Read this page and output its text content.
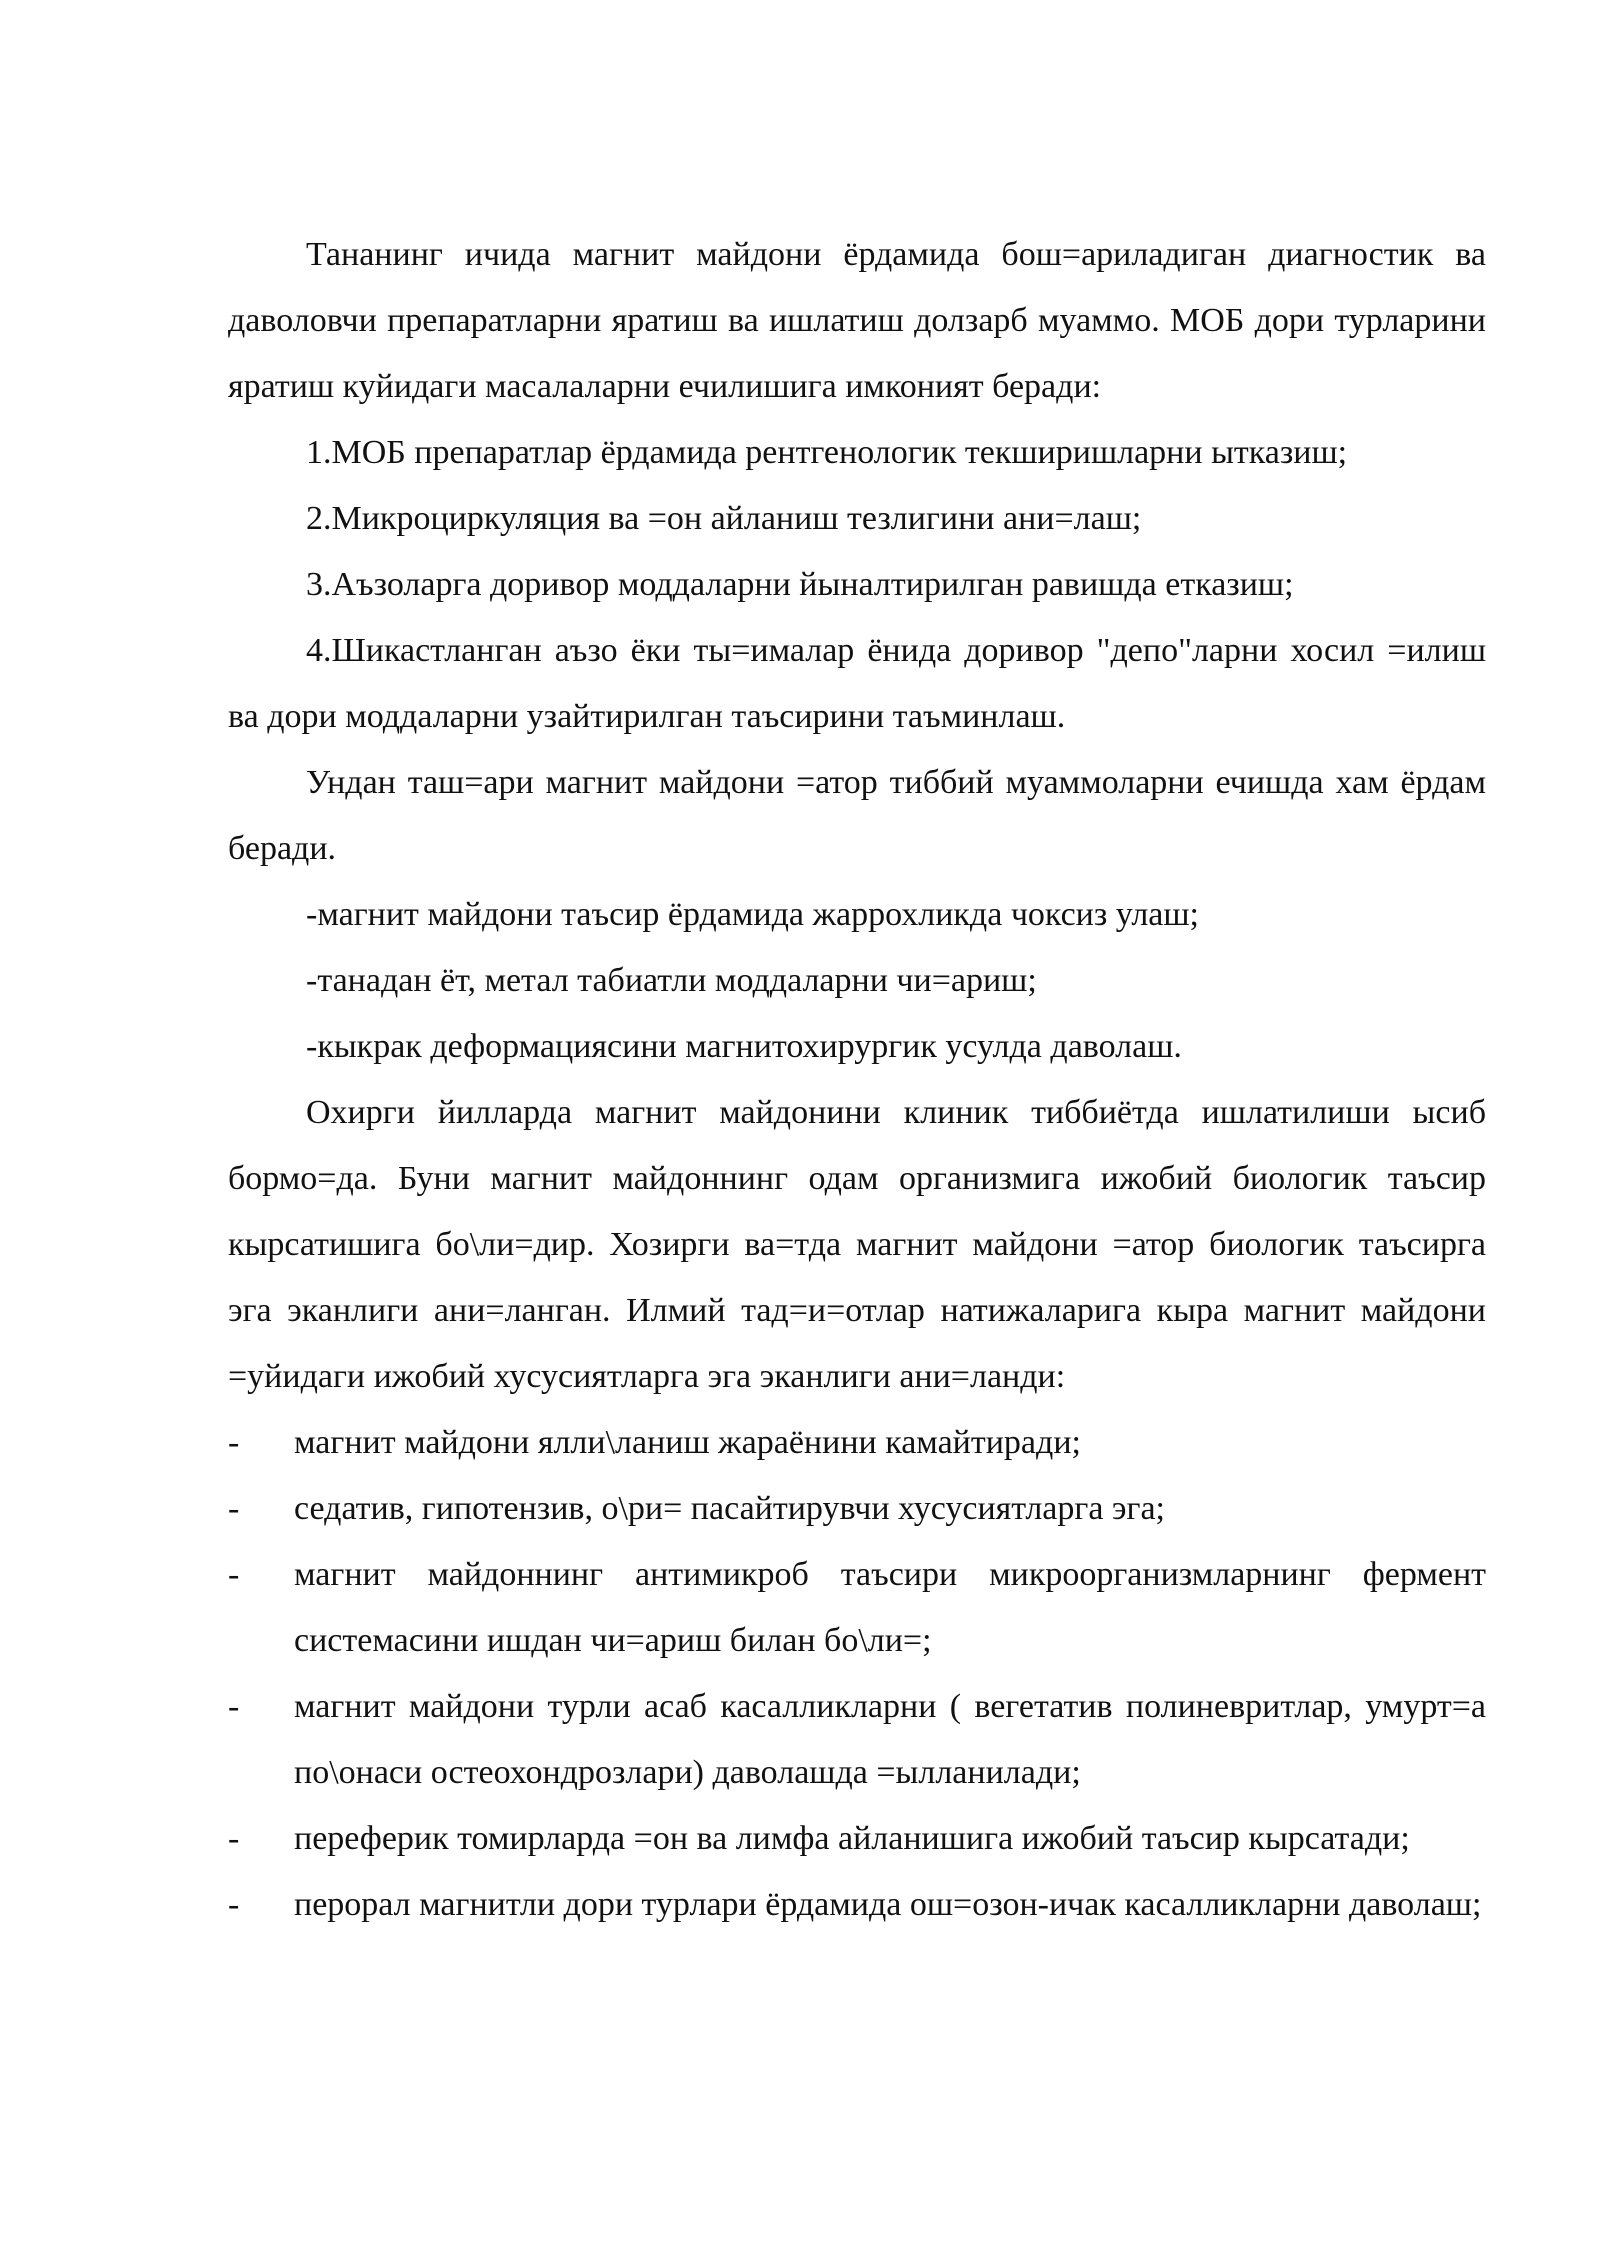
Тананинг ичида магнит майдони ёрдамида бош=ариладиган диагностик ва даволовчи препаратларни яратиш ва ишлатиш долзарб муаммо. МОБ дори турларини яратиш куйидаги масалаларни ечилишига имконият беради:

1.МОБ препаратлар ёрдамида рентгенологик текширишларни ытказиш;

2.Микроциркуляция ва =он айланиш тезлигини ани=лаш;

3.Аъзоларга доривор моддаларни йыналтирилган равишда етказиш;

4.Шикастланган аъзо ёки ты=ималар ёнида доривор "депо"ларни хосил =илиш ва дори моддаларни узайтирилган таъсирини таъминлаш.

Ундан таш=ари магнит майдони =атор тиббий муаммоларни ечишда хам ёрдам беради.

-магнит майдони таъсир ёрдамида жаррохликда чоксиз улаш;

-танадан ёт, метал табиатли моддаларни чи=ариш;

-кыкрак деформациясини магнитохирургик усулда даволаш.

Охирги йилларда магнит майдонини клиник тиббиётда ишлатилиши ысиб бормо=да. Буни магнит майдоннинг одам организмига ижобий биологик таъсир кырсатишига бо\ли=дир. Хозирги ва=тда магнит майдони =атор биологик таъсирга эга эканлиги ани=ланган. Илмий тад=и=отлар натижаларига кыра магнит майдони =уйидаги ижобий хусусиятларга эга эканлиги ани=ланди:

- магнит майдони ялли\ланиш жараёнини камайтиради;
- седатив, гипотензив, о\ри= пасайтирувчи хусусиятларга эга;
- магнит майдоннинг антимикроб таъсири микроорганизмларнинг фермент системасини ишдан чи=ариш билан бо\ли=;
- магнит майдони турли асаб касалликларни ( вегетатив полиневритлар, умурт=а по\онаси остеохондрозлари) даволашда =ылланилади;
- переферик томирларда =он ва лимфа айланишига ижобий таъсир кырсатади;
- перорал магнитли дори турлари ёрдамида ош=озон-ичак касалликларни даволаш;
